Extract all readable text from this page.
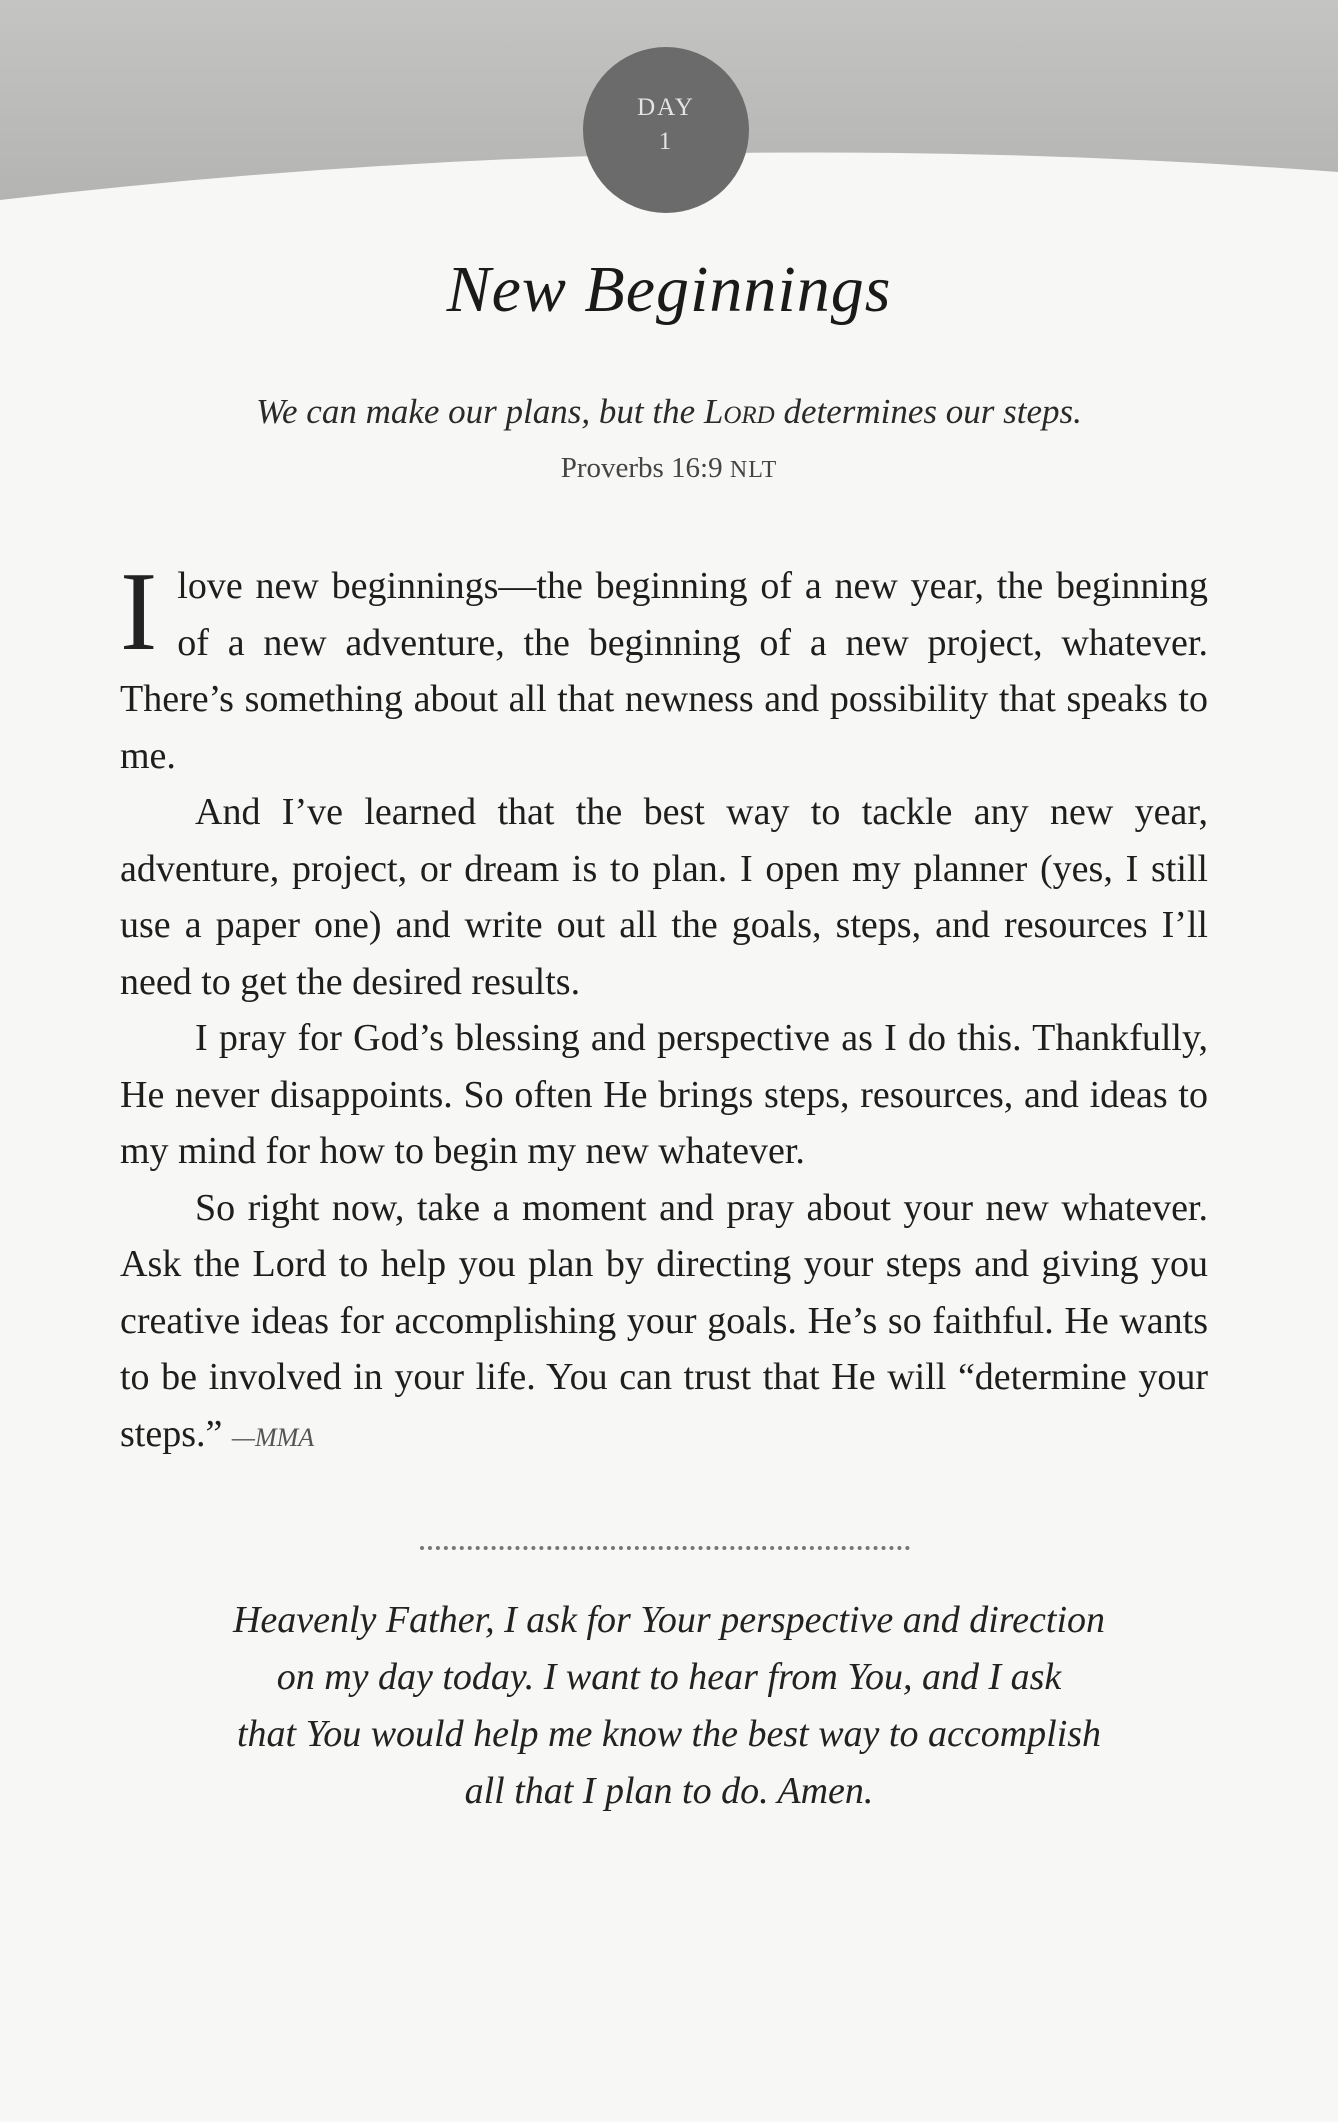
DAY
1
New Beginnings
We can make our plans, but the Lord determines our steps.
Proverbs 16:9 NLT

I love new beginnings—the beginning of a new year, the beginning of a new adventure, the beginning of a new project, whatever. There’s something about all that newness and possibility that speaks to me.

And I’ve learned that the best way to tackle any new year, adventure, project, or dream is to plan. I open my planner (yes, I still use a paper one) and write out all the goals, steps, and resources I’ll need to get the desired results.

I pray for God’s blessing and perspective as I do this. Thankfully, He never disappoints. So often He brings steps, resources, and ideas to my mind for how to begin my new whatever.

So right now, take a moment and pray about your new whatever. Ask the Lord to help you plan by directing your steps and giving you creative ideas for accomplishing your goals. He’s so faithful. He wants to be involved in your life. You can trust that He will “determine your steps.” —MMA

Heavenly Father, I ask for Your perspective and direction
on my day today. I want to hear from You, and I ask
that You would help me know the best way to accomplish
all that I plan to do. Amen.
